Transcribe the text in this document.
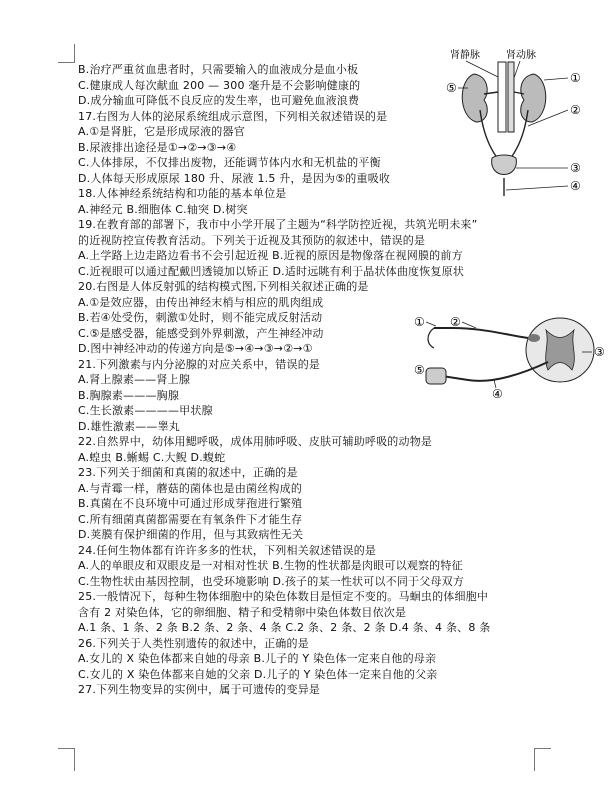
B.治疗严重贫血患者时，只需要输入的血液成分是血小板
C.健康成人每次献血 200 — 300 毫升是不会影响健康的
D.成分输血可降低不良反应的发生率，也可避免血液浪费
17.右图为人体的泌尿系统组成示意图，下列相关叙述错误的是
A.①是肾脏，它是形成尿液的器官
B.尿液排出途径是①→②→③→④
C.人体排尿，不仅排出废物，还能调节体内水和无机盐的平衡
D.人体每天形成原尿 180 升、尿液 1.5 升，是因为⑤的重吸收
18.人体神经系统结构和功能的基本单位是
A.神经元 B.细胞体 C.轴突 D.树突
19.在教育部的部署下，我市中小学开展了主题为“科学防控近视，共筑光明未来”
的近视防控宣传教育活动。下列关于近视及其预防的叙述中，错误的是
A.上学路上边走路边看书不会引起近视 B.近视的原因是物像落在视网膜的前方
C.近视眼可以通过配戴凹透镜加以矫正 D.适时远眺有利于晶状体曲度恢复原状
20.右图是人体反射弧的结构模式图,下列相关叙述正确的是
A.①是效应器，由传出神经末梢与相应的肌肉组成
B.若④处受伤，刺激①处时，则不能完成反射活动
C.⑤是感受器，能感受到外界刺激，产生神经冲动
D.图中神经冲动的传递方向是⑤→④→③→②→①
21.下列激素与内分泌腺的对应关系中，错误的是
A.肾上腺素——肾上腺
B.胸腺素———胸腺
C.生长激素————甲状腺
D.雄性激素——睾丸
22.自然界中，幼体用鳃呼吸，成体用肺呼吸、皮肤可辅助呼吸的动物是
A.蝗虫 B.蜥蜴 C.大鲵 D.蝮蛇
23.下列关于细菌和真菌的叙述中，正确的是
A.与青霉一样，蘑菇的菌体也是由菌丝构成的
B.真菌在不良环境中可通过形成芽孢进行繁殖
C.所有细菌真菌都需要在有氧条件下才能生存
D.荚膜有保护细菌的作用，但与其致病性无关
24.任何生物体都有许许多多的性状，下列相关叙述错误的是
A.人的单眼皮和双眼皮是一对相对性状 B.生物的性状都是肉眼可以观察的特征
C.生物性状由基因控制，也受环境影响 D.孩子的某一性状可以不同于父母双方
25.一般情况下，每种生物体细胞中的染色体数目是恒定不变的。马蛔虫的体细胞中
含有 2 对染色体，它的卵细胞、精子和受精卵中染色体数目依次是
A.1 条、1 条、2 条 B.2 条、2 条、4 条 C.2 条、2 条、2 条 D.4 条、4 条、8 条
26.下列关于人类性别遗传的叙述中，正确的是
A.女儿的 X 染色体都来自她的母亲 B.儿子的 Y 染色体一定来自他的母亲
C.女儿的 X 染色体都来自她的父亲 D.儿子的 Y 染色体一定来自他的父亲
27.下列生物变异的实例中，属于可遗传的变异是
肾静脉	肾动脉
⑤
①
②
③
④
① ②
③
⑤
④
